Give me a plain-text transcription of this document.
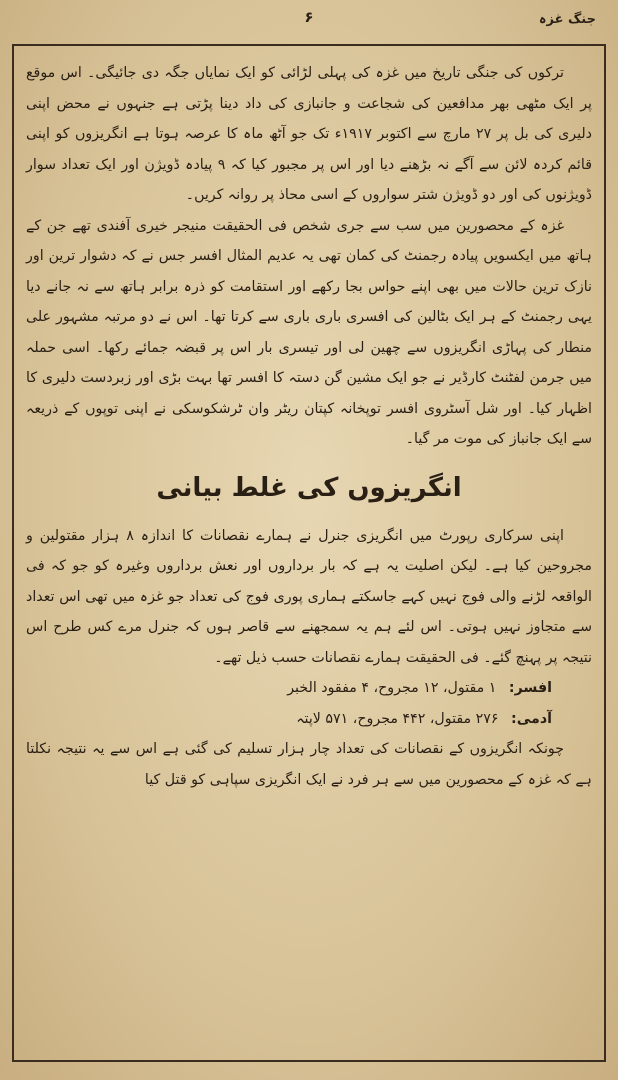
جنگ غزہ
۶

ترکوں کی جنگی تاریخ میں غزہ کی پہلی لڑائی کو ایک نمایاں جگہ دی جائیگی۔ اس موقع پر ایک مٹھی بھر مدافعین کی شجاعت و جانبازی کی داد دینا پڑتی ہے جنہوں نے محض اپنی دلیری کی بل پر ۲۷ مارچ سے اکتوبر ۱۹۱۷ء تک جو آٹھ ماہ کا عرصہ ہوتا ہے انگریزوں کو اپنی قائم کردہ لائن سے آگے نہ بڑھنے دیا اور اس پر مجبور کیا کہ ۹ پیادہ ڈویژن اور ایک تعداد سوار ڈویژنوں کی اور دو ڈویژن شتر سواروں کے اسی محاذ پر روانہ کریں۔

غزہ کے محصورین میں سب سے جری شخص فی الحقیقت منیجر خیری آفندی تھے جن کے ہاتھ میں ایکسویں پیادہ رجمنٹ کی کمان تھی یہ عدیم المثال افسر جس نے کہ دشوار ترین اور نازک ترین حالات میں بھی اپنے حواس بجا رکھے اور استقامت کو ذرہ برابر ہاتھ سے نہ جانے دیا یہی رجمنٹ کے ہر ایک بٹالین کی افسری باری باری سے کرتا تھا۔ اس نے دو مرتبہ مشہور علی منطار کی پہاڑی انگریزوں سے چھین لی اور تیسری بار اس پر قبضہ جمائے رکھا۔ اسی حملہ میں جرمن لفٹنٹ کارڈیر نے جو ایک مشین گن دستہ کا افسر تھا بہت بڑی اور زبردست دلیری کا اظہار کیا۔ اور شل آسٹروی افسر توپخانہ کپتان ریٹر وان ٹرشکوسکی نے اپنی توپوں کے ذریعہ سے ایک جانباز کی موت مر گیا۔

انگریزوں کی غلط بیانی

اپنی سرکاری رپورٹ میں انگریزی جنرل نے ہمارے نقصانات کا اندازہ ۸ ہزار مقتولین و مجروحین کیا ہے۔ لیکن اصلیت یہ ہے کہ بار برداروں اور نعش برداروں وغیرہ کو جو کہ فی الواقعہ لڑنے والی فوج نہیں کہے جاسکتے ہماری پوری فوج کی تعداد جو غزہ میں تھی اس تعداد سے متجاوز نہیں ہوتی۔ اس لئے ہم یہ سمجھنے سے قاصر ہوں کہ جنرل مرے کس طرح اس نتیجہ پر پہنچ گئے۔ فی الحقیقت ہمارے نقصانات حسب ذیل تھے۔

افسر: ۱ مقتول، ۱۲ مجروح، ۴ مفقود الخبر
آدمی: ۲۷۶ مقتول، ۴۴۲ مجروح، ۵۷۱ لاپتہ

چونکہ انگریزوں کے نقصانات کی تعداد چار ہزار تسلیم کی گئی ہے اس سے یہ نتیجہ نکلتا ہے کہ غزہ کے محصورین میں سے ہر فرد نے ایک انگریزی سپاہی کو قتل کیا
